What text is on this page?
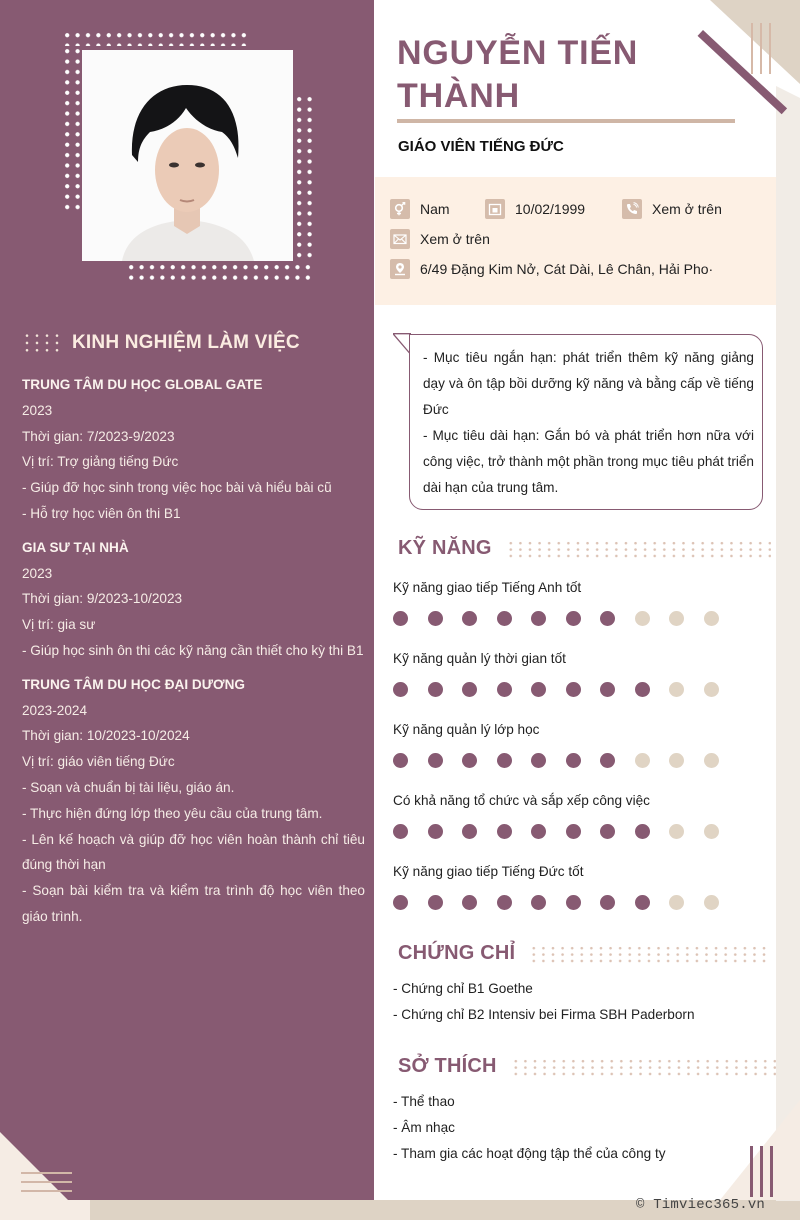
KINH NGHIỆM LÀM VIỆC
TRUNG TÂM DU HỌC GLOBAL GATE
2023
Thời gian: 7/2023-9/2023
Vị trí: Trợ giảng tiếng Đức
- Giúp đỡ học sinh trong việc học bài và hiểu bài cũ
- Hỗ trợ học viên ôn thi B1
GIA SƯ TẠI NHÀ
2023
Thời gian: 9/2023-10/2023
Vị trí: gia sư
- Giúp học sinh ôn thi các kỹ năng cần thiết cho kỳ thi B1
TRUNG TÂM DU HỌC ĐẠI DƯƠNG
2023-2024
Thời gian: 10/2023-10/2024
Vị trí: giáo viên tiếng Đức
- Soạn và chuẩn bị tài liệu, giáo án.
- Thực hiện đứng lớp theo yêu cầu của trung tâm.
- Lên kế hoạch và giúp đỡ học viên hoàn thành chỉ tiêu đúng thời hạn
- Soạn bài kiểm tra và kiểm tra trình độ học viên theo giáo trình.
© Timviec365.vn
NGUYỄN TIẾN
THÀNH
GIÁO VIÊN TIẾNG ĐỨC
Nam	10/02/1999	Xem ở trên
Xem ở trên
6/49 Đặng Kim Nở, Cát Dài, Lê Chân, Hải Pho·
- Mục tiêu ngắn hạn: phát triển thêm kỹ năng giảng dạy và ôn tập bồi dưỡng kỹ năng và bằng cấp về tiếng Đức
- Mục tiêu dài hạn: Gắn bó và phát triển hơn nữa với công việc, trở thành một phần trong mục tiêu phát triển dài hạn của trung tâm.
KỸ NĂNG
Kỹ năng giao tiếp Tiếng Anh tốt
Kỹ năng quản lý thời gian tốt
Kỹ năng quản lý lớp học
Có khả năng tổ chức và sắp xếp công việc
Kỹ năng giao tiếp Tiếng Đức tốt
CHỨNG CHỈ
- Chứng chỉ B1 Goethe
- Chứng chỉ B2 Intensiv bei Firma SBH Paderborn
SỞ THÍCH
- Thể thao
- Âm nhạc
- Tham gia các hoạt động tập thể của công ty
